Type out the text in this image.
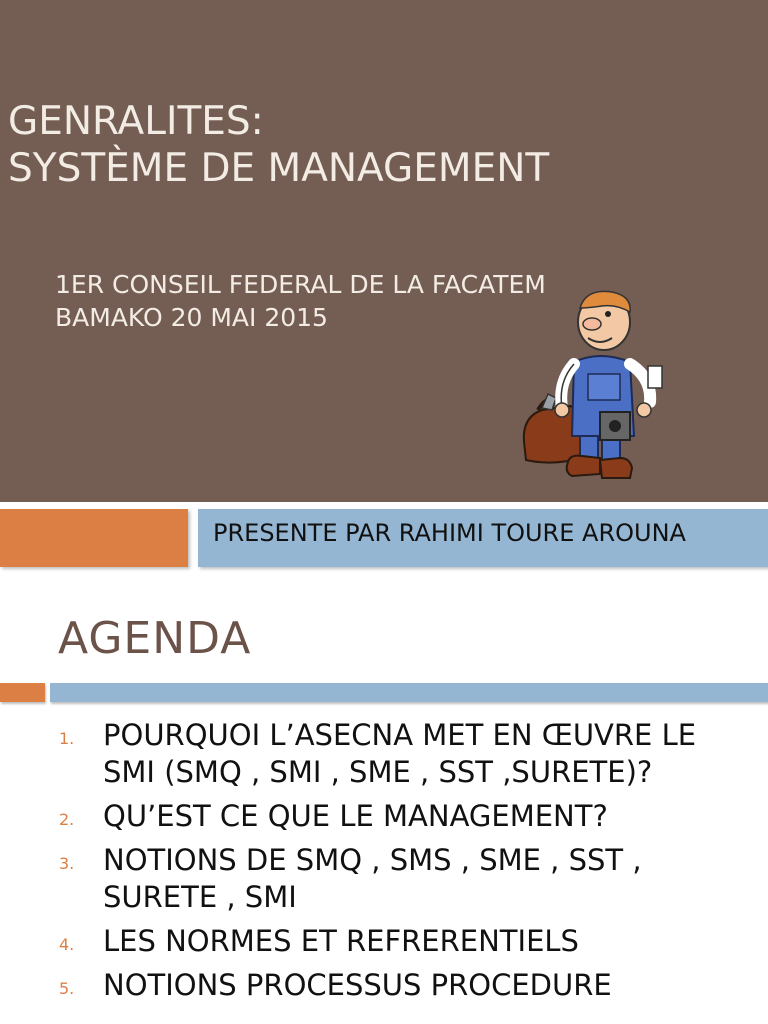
GENRALITES:
SYSTÈME DE MANAGEMENT
1ER CONSEIL FEDERAL DE LA FACATEM
BAMAKO 20 MAI 2015

PRESENTE PAR RAHIMI TOURE AROUNA

AGENDA
1. POURQUOI L’ASECNA MET EN ŒUVRE LE SMI (SMQ , SMI , SME , SST ,SURETE)?
2. QU’EST CE QUE LE MANAGEMENT?
3. NOTIONS DE SMQ , SMS , SME , SST , SURETE , SMI
4. LES NORMES ET REFRERENTIELS
5. NOTIONS PROCESSUS PROCEDURE
